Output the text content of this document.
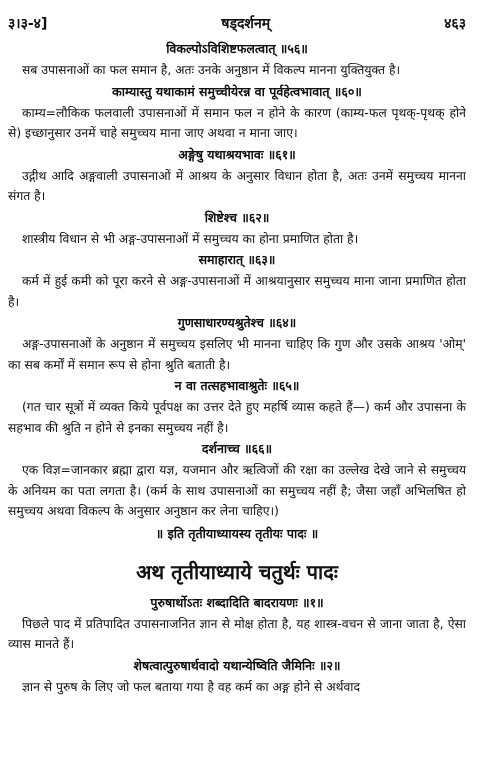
३।३-४]	षड्दर्शनम्	४६३
विकल्पोऽविशिष्टफलत्वात् ॥५६॥

सब उपासनाओं का फल समान है, अतः उनके अनुष्ठान में विकल्प मानना युक्तियुक्त है।

काम्यास्तु यथाकामं समुच्चीयेरन्न वा पूर्वहेत्वभावात् ॥६०॥

काम्य=लौकिक फलवाली उपासनाओं में समान फल न होने के कारण (काम्य-फल पृथक्-पृथक् होने से) इच्छानुसार उनमें चाहे समुच्चय माना जाए अथवा न माना जाए।

अङ्गेषु यथाश्रयभावः ॥६१॥

उद्गीथ आदि अङ्गवाली उपासनाओं में आश्रय के अनुसार विधान होता है, अतः उनमें समुच्चय मानना संगत है।

शिष्टेश्च ॥६२॥

शास्त्रीय विधान से भी अङ्ग-उपासनाओं में समुच्चय का होना प्रमाणित होता है।

समाहारात् ॥६३॥

कर्म में हुई कमी को पूरा करने से अङ्ग-उपासनाओं में आश्रयानुसार समुच्चय माना जाना प्रमाणित होता है।

गुणसाधारण्यश्रुतेश्च ॥६४॥

अङ्ग-उपासनाओं के अनुष्ठान में समुच्चय इसलिए भी मानना चाहिए कि गुण और उसके आश्रय 'ओम्' का सब कर्मों में समान रूप से होना श्रुति बताती है।

न वा तत्सहभावाश्रुतेः ॥६५॥

(गत चार सूत्रों में व्यक्त किये पूर्वपक्ष का उत्तर देते हुए महर्षि व्यास कहते हैं—) कर्म और उपासना के सहभाव की श्रुति न होने से इनका समुच्चय नहीं है।

दर्शनाच्च ॥६६॥

एक विज्ञ=जानकार ब्रह्मा द्वारा यज्ञ, यजमान और ऋत्विजों की रक्षा का उल्लेख देखे जाने से समुच्चय के अनियम का पता लगता है। (कर्म के साथ उपासनाओं का समुच्चय नहीं है; जैसा जहाँ अभिलषित हो समुच्चय अथवा विकल्प के अनुसार अनुष्ठान कर लेना चाहिए।)

॥ इति तृतीयाध्यायस्य तृतीयः पादः ॥
अथ तृतीयाध्याये चतुर्थः पादः
पुरुषार्थोऽतः शब्दादिति बादरायणः ॥१॥

पिछले पाद में प्रतिपादित उपासनाजनित ज्ञान से मोक्ष होता है, यह शास्त्र-वचन से जाना जाता है, ऐसा व्यास मानते हैं।

शेषत्वात्पुरुषार्थवादो यथान्येष्विति जैमिनिः ॥२॥

ज्ञान से पुरुष के लिए जो फल बताया गया है वह कर्म का अङ्ग होने से अर्थवाद
